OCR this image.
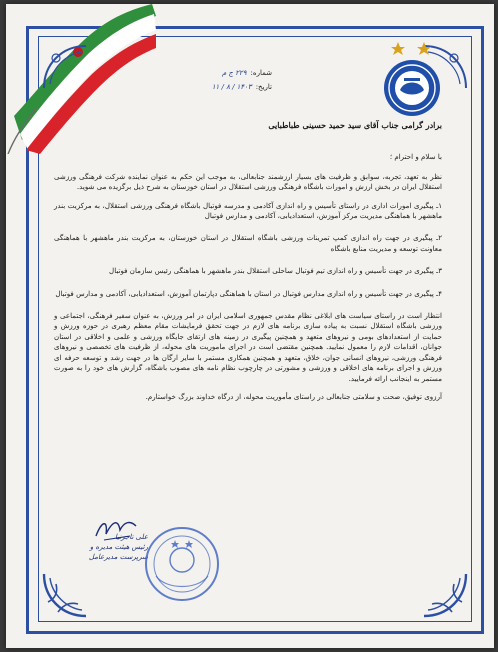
شماره:
۲۲۹ ج م
تاریخ:
۱۴۰۳ / ۸ / ۱۱
برادر گرامی جناب آقای سید حمید حسینی طباطبایی
با سلام و احترام ؛
نظر به تعهد، تجربه، سوابق و ظرفیت های بسیار ارزشمند جنابعالی، به موجب این حکم به عنوان نماینده شرکت فرهنگی ورزشی استقلال ایران در بخش ارزش و امورات باشگاه فرهنگی ورزشی استقلال در استان خوزستان به شرح ذیل برگزیده می شوید.
۱ـ پیگیری امورات اداری در راستای تأسیس و راه اندازی آکادمی و مدرسه فوتبال باشگاه فرهنگی ورزشی استقلال، به مرکزیت بندر ماهشهر با هماهنگی مدیریت مرکز آموزش، استعدادیابی، آکادمی و مدارس فوتبال
۲ـ پیگیری در جهت راه اندازی کمپ تمرینات ورزشی باشگاه استقلال در استان خوزستان، به مرکزیت بندر ماهشهر با هماهنگی معاونت توسعه و مدیریت منابع باشگاه
۳ـ پیگیری در جهت تأسیس و راه اندازی تیم فوتبال ساحلی استقلال بندر ماهشهر با هماهنگی رئیس سازمان فوتبال
۴ـ پیگیری در جهت تأسیس و راه اندازی مدارس فوتبال در استان با هماهنگی دپارتمان آموزش، استعدادیابی، آکادمی و مدارس فوتبال
انتظار است در راستای سیاست های ابلاغی نظام مقدس جمهوری اسلامی ایران در امر ورزش، به عنوان سفیر فرهنگی، اجتماعی و ورزشی باشگاه استقلال نسبت به پیاده سازی برنامه های لازم در جهت تحقق فرمایشات مقام معظم رهبری در حوزه ورزش و حمایت از استعدادهای بومی و نیروهای متعهد و همچنین پیگیری در زمینه های ارتقای جایگاه ورزشی و علمی و اخلاقی در استان جوانان، اقدامات لازم را معمول نمایید. همچنین مقتضی است در اجرای ماموریت های محوله، از ظرفیت های تخصصی و نیروهای فرهنگی ورزشی، نیروهای انسانی جوان، خلاق، متعهد و همچنین همکاری مستمر با سایر ارگان ها در جهت رشد و توسعه حرفه ای ورزش و اجرای برنامه های اخلاقی و ورزشی و مشورتی در چارچوب نظام نامه های مصوب باشگاه، گزارش های خود را به صورت مستمر به اینجانب ارائه فرمایید.
آرزوی توفیق، صحت و سلامتی جنابعالی در راستای مأموریت محوله، از درگاه خداوند بزرگ خواستارم.
علی تاجرنیا
رئیس هیئت مدیره و
سرپرست مدیرعامل
